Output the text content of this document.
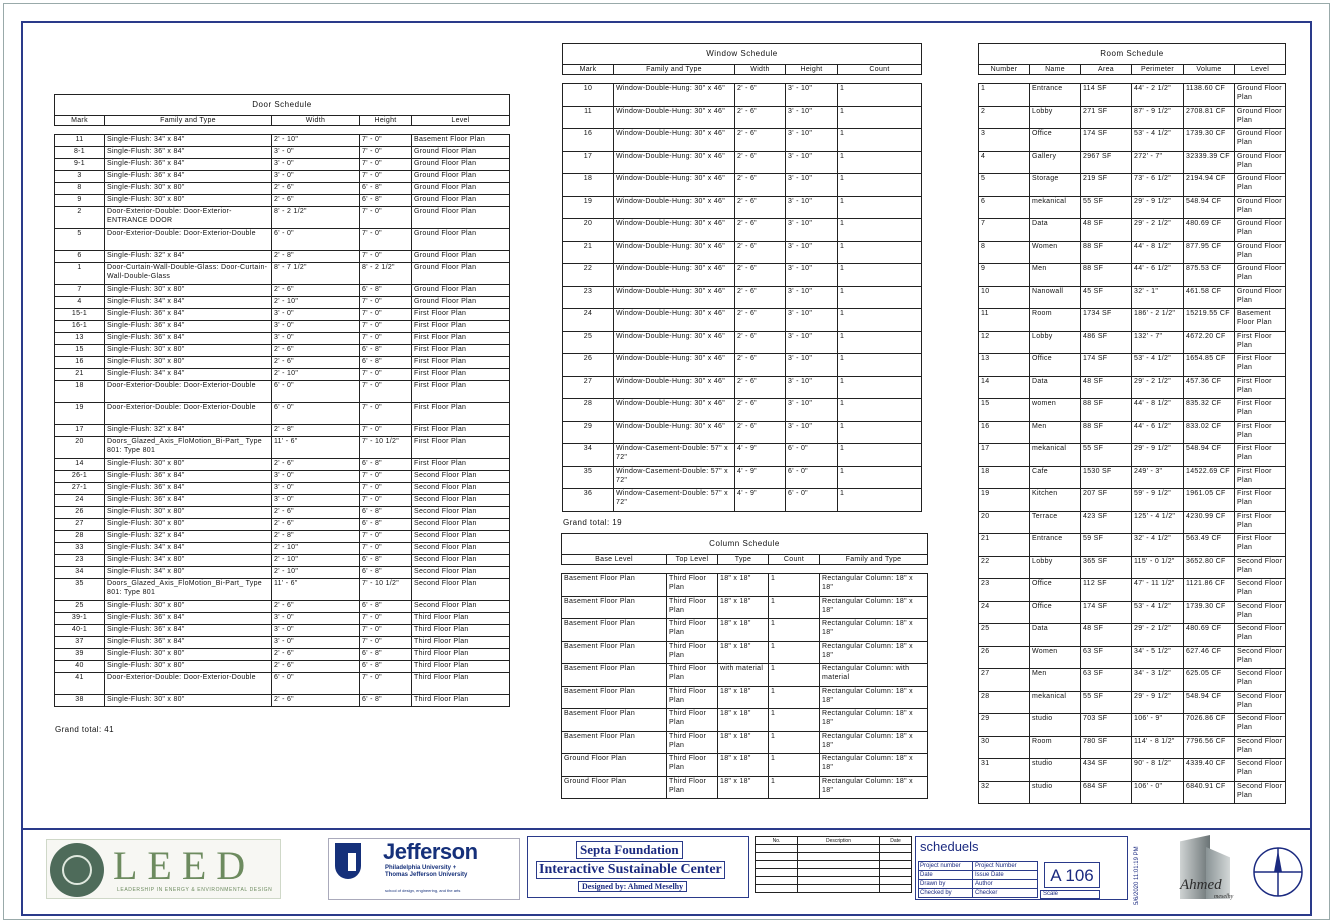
Door Schedule
Mark	Family and Type	Width	Height	Level

11	Single-Flush: 34" x 84"	2' - 10"	7' - 0"	Basement Floor Plan
8-1	Single-Flush: 36" x 84"	3' - 0"	7' - 0"	Ground Floor Plan
9-1	Single-Flush: 36" x 84"	3' - 0"	7' - 0"	Ground Floor Plan
3	Single-Flush: 36" x 84"	3' - 0"	7' - 0"	Ground Floor Plan
8	Single-Flush: 30" x 80"	2' - 6"	6' - 8"	Ground Floor Plan
9	Single-Flush: 30" x 80"	2' - 6"	6' - 8"	Ground Floor Plan
2	Door-Exterior-Double: Door-Exterior-ENTRANCE DOOR	8' - 2 1/2"	7' - 0"	Ground Floor Plan
5	Door-Exterior-Double: Door-Exterior-Double	6' - 0"	7' - 0"	Ground Floor Plan
6	Single-Flush: 32" x 84"	2' - 8"	7' - 0"	Ground Floor Plan
1	Door-Curtain-Wall-Double-Glass: Door-Curtain-Wall-Double-Glass	8' - 7 1/2"	8' - 2 1/2"	Ground Floor Plan
7	Single-Flush: 30" x 80"	2' - 6"	6' - 8"	Ground Floor Plan
4	Single-Flush: 34" x 84"	2' - 10"	7' - 0"	Ground Floor Plan
15-1	Single-Flush: 36" x 84"	3' - 0"	7' - 0"	First Floor Plan
16-1	Single-Flush: 36" x 84"	3' - 0"	7' - 0"	First Floor Plan
13	Single-Flush: 36" x 84"	3' - 0"	7' - 0"	First Floor Plan
15	Single-Flush: 30" x 80"	2' - 6"	6' - 8"	First Floor Plan
16	Single-Flush: 30" x 80"	2' - 6"	6' - 8"	First Floor Plan
21	Single-Flush: 34" x 84"	2' - 10"	7' - 0"	First Floor Plan
18	Door-Exterior-Double: Door-Exterior-Double	6' - 0"	7' - 0"	First Floor Plan
19	Door-Exterior-Double: Door-Exterior-Double	6' - 0"	7' - 0"	First Floor Plan
17	Single-Flush: 32" x 84"	2' - 8"	7' - 0"	First Floor Plan
20	Doors_Glazed_Axis_FloMotion_Bi-Part_ Type 801: Type 801	11' - 6"	7' - 10 1/2"	First Floor Plan
14	Single-Flush: 30" x 80"	2' - 6"	6' - 8"	First Floor Plan
26-1	Single-Flush: 36" x 84"	3' - 0"	7' - 0"	Second Floor Plan
27-1	Single-Flush: 36" x 84"	3' - 0"	7' - 0"	Second Floor Plan
24	Single-Flush: 36" x 84"	3' - 0"	7' - 0"	Second Floor Plan
26	Single-Flush: 30" x 80"	2' - 6"	6' - 8"	Second Floor Plan
27	Single-Flush: 30" x 80"	2' - 6"	6' - 8"	Second Floor Plan
28	Single-Flush: 32" x 84"	2' - 8"	7' - 0"	Second Floor Plan
33	Single-Flush: 34" x 84"	2' - 10"	7' - 0"	Second Floor Plan
23	Single-Flush: 34" x 80"	2' - 10"	6' - 8"	Second Floor Plan
34	Single-Flush: 34" x 80"	2' - 10"	6' - 8"	Second Floor Plan
35	Doors_Glazed_Axis_FloMotion_Bi-Part_ Type 801: Type 801	11' - 6"	7' - 10 1/2"	Second Floor Plan
25	Single-Flush: 30" x 80"	2' - 6"	6' - 8"	Second Floor Plan
39-1	Single-Flush: 36" x 84"	3' - 0"	7' - 0"	Third Floor Plan
40-1	Single-Flush: 36" x 84"	3' - 0"	7' - 0"	Third Floor Plan
37	Single-Flush: 36" x 84"	3' - 0"	7' - 0"	Third Floor Plan
39	Single-Flush: 30" x 80"	2' - 6"	6' - 8"	Third Floor Plan
40	Single-Flush: 30" x 80"	2' - 6"	6' - 8"	Third Floor Plan
41	Door-Exterior-Double: Door-Exterior-Double	6' - 0"	7' - 0"	Third Floor Plan
38	Single-Flush: 30" x 80"	2' - 6"	6' - 8"	Third Floor Plan
Grand total: 41
Window Schedule
Mark	Family and Type	Width	Height	Count

10	Window-Double-Hung: 30" x 46"	2' - 6"	3' - 10"	1
11	Window-Double-Hung: 30" x 46"	2' - 6"	3' - 10"	1
16	Window-Double-Hung: 30" x 46"	2' - 6"	3' - 10"	1
17	Window-Double-Hung: 30" x 46"	2' - 6"	3' - 10"	1
18	Window-Double-Hung: 30" x 46"	2' - 6"	3' - 10"	1
19	Window-Double-Hung: 30" x 46"	2' - 6"	3' - 10"	1
20	Window-Double-Hung: 30" x 46"	2' - 6"	3' - 10"	1
21	Window-Double-Hung: 30" x 46"	2' - 6"	3' - 10"	1
22	Window-Double-Hung: 30" x 46"	2' - 6"	3' - 10"	1
23	Window-Double-Hung: 30" x 46"	2' - 6"	3' - 10"	1
24	Window-Double-Hung: 30" x 46"	2' - 6"	3' - 10"	1
25	Window-Double-Hung: 30" x 46"	2' - 6"	3' - 10"	1
26	Window-Double-Hung: 30" x 46"	2' - 6"	3' - 10"	1
27	Window-Double-Hung: 30" x 46"	2' - 6"	3' - 10"	1
28	Window-Double-Hung: 30" x 46"	2' - 6"	3' - 10"	1
29	Window-Double-Hung: 30" x 46"	2' - 6"	3' - 10"	1
34	Window-Casement-Double: 57" x 72"	4' - 9"	6' - 0"	1
35	Window-Casement-Double: 57" x 72"	4' - 9"	6' - 0"	1
36	Window-Casement-Double: 57" x 72"	4' - 9"	6' - 0"	1
Grand total: 19
Column Schedule
Base Level	Top Level	Type	Count	Family and Type

Basement Floor Plan	Third Floor Plan	18" x 18"	1	Rectangular Column: 18" x 18"
Basement Floor Plan	Third Floor Plan	18" x 18"	1	Rectangular Column: 18" x 18"
Basement Floor Plan	Third Floor Plan	18" x 18"	1	Rectangular Column: 18" x 18"
Basement Floor Plan	Third Floor Plan	18" x 18"	1	Rectangular Column: 18" x 18"
Basement Floor Plan	Third Floor Plan	with material	1	Rectangular Column: with material
Basement Floor Plan	Third Floor Plan	18" x 18"	1	Rectangular Column: 18" x 18"
Basement Floor Plan	Third Floor Plan	18" x 18"	1	Rectangular Column: 18" x 18"
Basement Floor Plan	Third Floor Plan	18" x 18"	1	Rectangular Column: 18" x 18"
Ground Floor Plan	Third Floor Plan	18" x 18"	1	Rectangular Column: 18" x 18"
Ground Floor Plan	Third Floor Plan	18" x 18"	1	Rectangular Column: 18" x 18"
Room Schedule
Number	Name	Area	Perimeter	Volume	Level

1	Entrance	114 SF	44' - 2 1/2"	1138.60 CF	Ground Floor Plan
2	Lobby	271 SF	87' - 9 1/2"	2708.81 CF	Ground Floor Plan
3	Office	174 SF	53' - 4 1/2"	1739.30 CF	Ground Floor Plan
4	Gallery	2967 SF	272' - 7"	32339.39 CF	Ground Floor Plan
5	Storage	219 SF	73' - 6 1/2"	2194.94 CF	Ground Floor Plan
6	mekanical	55 SF	29' - 9 1/2"	548.94 CF	Ground Floor Plan
7	Data	48 SF	29' - 2 1/2"	480.69 CF	Ground Floor Plan
8	Women	88 SF	44' - 8 1/2"	877.95 CF	Ground Floor Plan
9	Men	88 SF	44' - 6 1/2"	875.53 CF	Ground Floor Plan
10	Nanowall	45 SF	32' - 1"	461.58 CF	Ground Floor Plan
11	Room	1734 SF	186' - 2 1/2"	15219.55 CF	Basement Floor Plan
12	Lobby	486 SF	132' - 7"	4672.20 CF	First Floor Plan
13	Office	174 SF	53' - 4 1/2"	1654.85 CF	First Floor Plan
14	Data	48 SF	29' - 2 1/2"	457.36 CF	First Floor Plan
15	women	88 SF	44' - 8 1/2"	835.32 CF	First Floor Plan
16	Men	88 SF	44' - 6 1/2"	833.02 CF	First Floor Plan
17	mekanical	55 SF	29' - 9 1/2"	548.94 CF	First Floor Plan
18	Cafe	1530 SF	249' - 3"	14522.69 CF	First Floor Plan
19	Kitchen	207 SF	59' - 9 1/2"	1961.05 CF	First Floor Plan
20	Terrace	423 SF	125' - 4 1/2"	4230.99 CF	First Floor Plan
21	Entrance	59 SF	32' - 4 1/2"	563.49 CF	First Floor Plan
22	Lobby	365 SF	115' - 0 1/2"	3652.80 CF	Second Floor Plan
23	Office	112 SF	47' - 11 1/2"	1121.86 CF	Second Floor Plan
24	Office	174 SF	53' - 4 1/2"	1739.30 CF	Second Floor Plan
25	Data	48 SF	29' - 2 1/2"	480.69 CF	Second Floor Plan
26	Women	63 SF	34' - 5 1/2"	627.46 CF	Second Floor Plan
27	Men	63 SF	34' - 3 1/2"	625.05 CF	Second Floor Plan
28	mekanical	55 SF	29' - 9 1/2"	548.94 CF	Second Floor Plan
29	studio	703 SF	106' - 9"	7026.86 CF	Second Floor Plan
30	Room	780 SF	114' - 8 1/2"	7796.56 CF	Second Floor Plan
31	studio	434 SF	90' - 8 1/2"	4339.40 CF	Second Floor Plan
32	studio	684 SF	106' - 0"	6840.91 CF	Second Floor Plan
LEED
LEADERSHIP IN ENERGY & ENVIRONMENTAL DESIGN
Jefferson
Philadelphia University +
Thomas Jefferson University
school of design, engineering, and the arts
Septa Foundation
Interactive Sustainable Center
Designed by: Ahmed Meselhy
No.	Description	Date

		scheduels
Project number Project Number
Date	Issue Date
Drawn by	Author
Checked by	Checker
A 106
Scale	5/6/2020 11:01:19 PM	Ahmed
meselhy
